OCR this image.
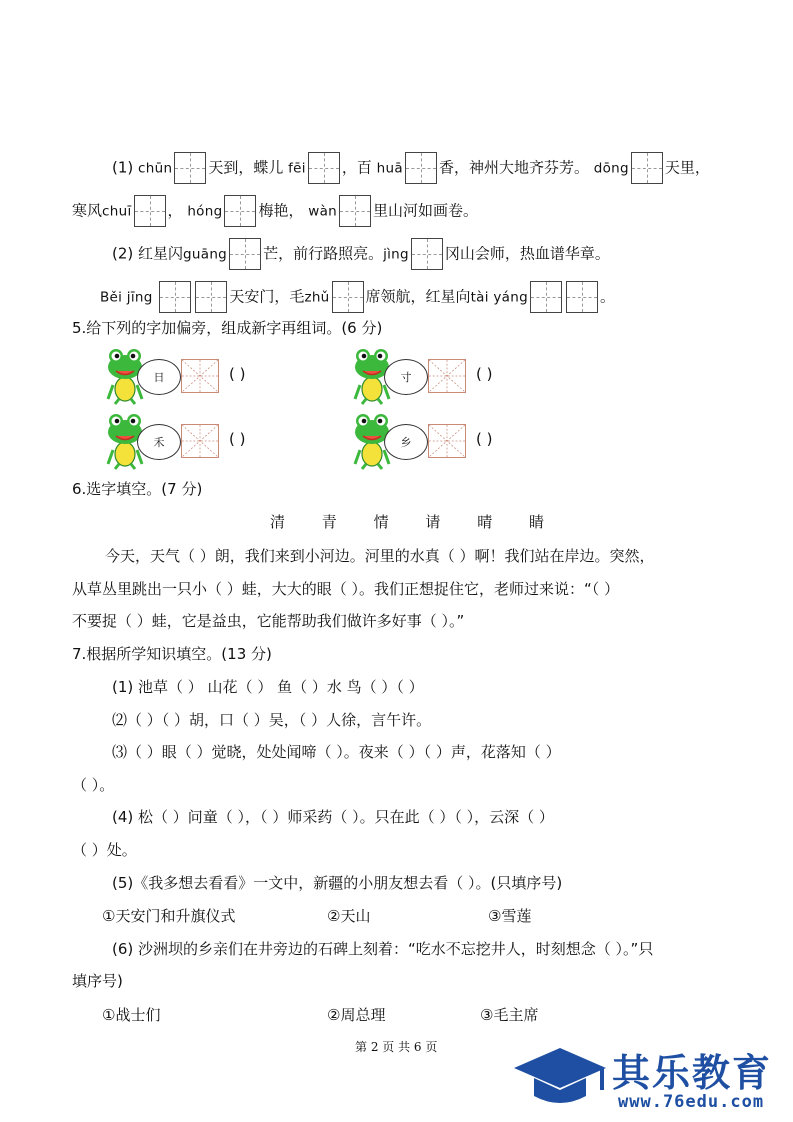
(1) chūn 天到，蝶儿 fēi ，百 huā 香，神州大地齐芬芳。 dōng 天里，
寒风chuī ， hóng 梅艳， wàn 里山河如画卷。
(2) 红星闪guāng 芒，前行路照亮。jìng 冈山会师，热血谱华章。
Běi jīng	天安门，毛zhǔ 席领航，红星向tài yáng	。
5.给下列的字加偏旁，组成新字再组词。(6 分)
日	( )	寸	( )
禾	( )	乡	( )
6.选字填空。(7 分)
清 青 情 请 晴 睛
今天，天气（ ）朗，我们来到小河边。河里的水真（ ）啊！我们站在岸边。突然，
从草丛里跳出一只小（ ）蛙，大大的眼（ ）。我们正想捉住它，老师过来说：“（ ）
不要捉（ ）蛙，它是益虫，它能帮助我们做许多好事（ ）。”
7.根据所学知识填空。(13 分)
(1) 池草（ ） 山花（ ） 鱼（ ）水 鸟（ ）（ ）
⑵（ ）（ ）胡，口（ ）吴，（ ）人徐，言午许。
⑶（ ）眼（ ）觉晓，处处闻啼（ ）。夜来（ ）（ ）声，花落知（ ）
（ ）。
(4) 松（ ）问童（ ），（ ）师采药（ ）。只在此（ ）（ ），云深（ ）
（ ）处。
(5)《我多想去看看》一文中，新疆的小朋友想去看（ ）。(只填序号)
①天安门和升旗仪式	②天山	③雪莲
(6) 沙洲坝的乡亲们在井旁边的石碑上刻着：“吃水不忘挖井人，时刻想念（ ）。”只
填序号)
①战士们	②周总理	③毛主席
第 2 页 共 6 页
其乐教育
www.76edu.com
